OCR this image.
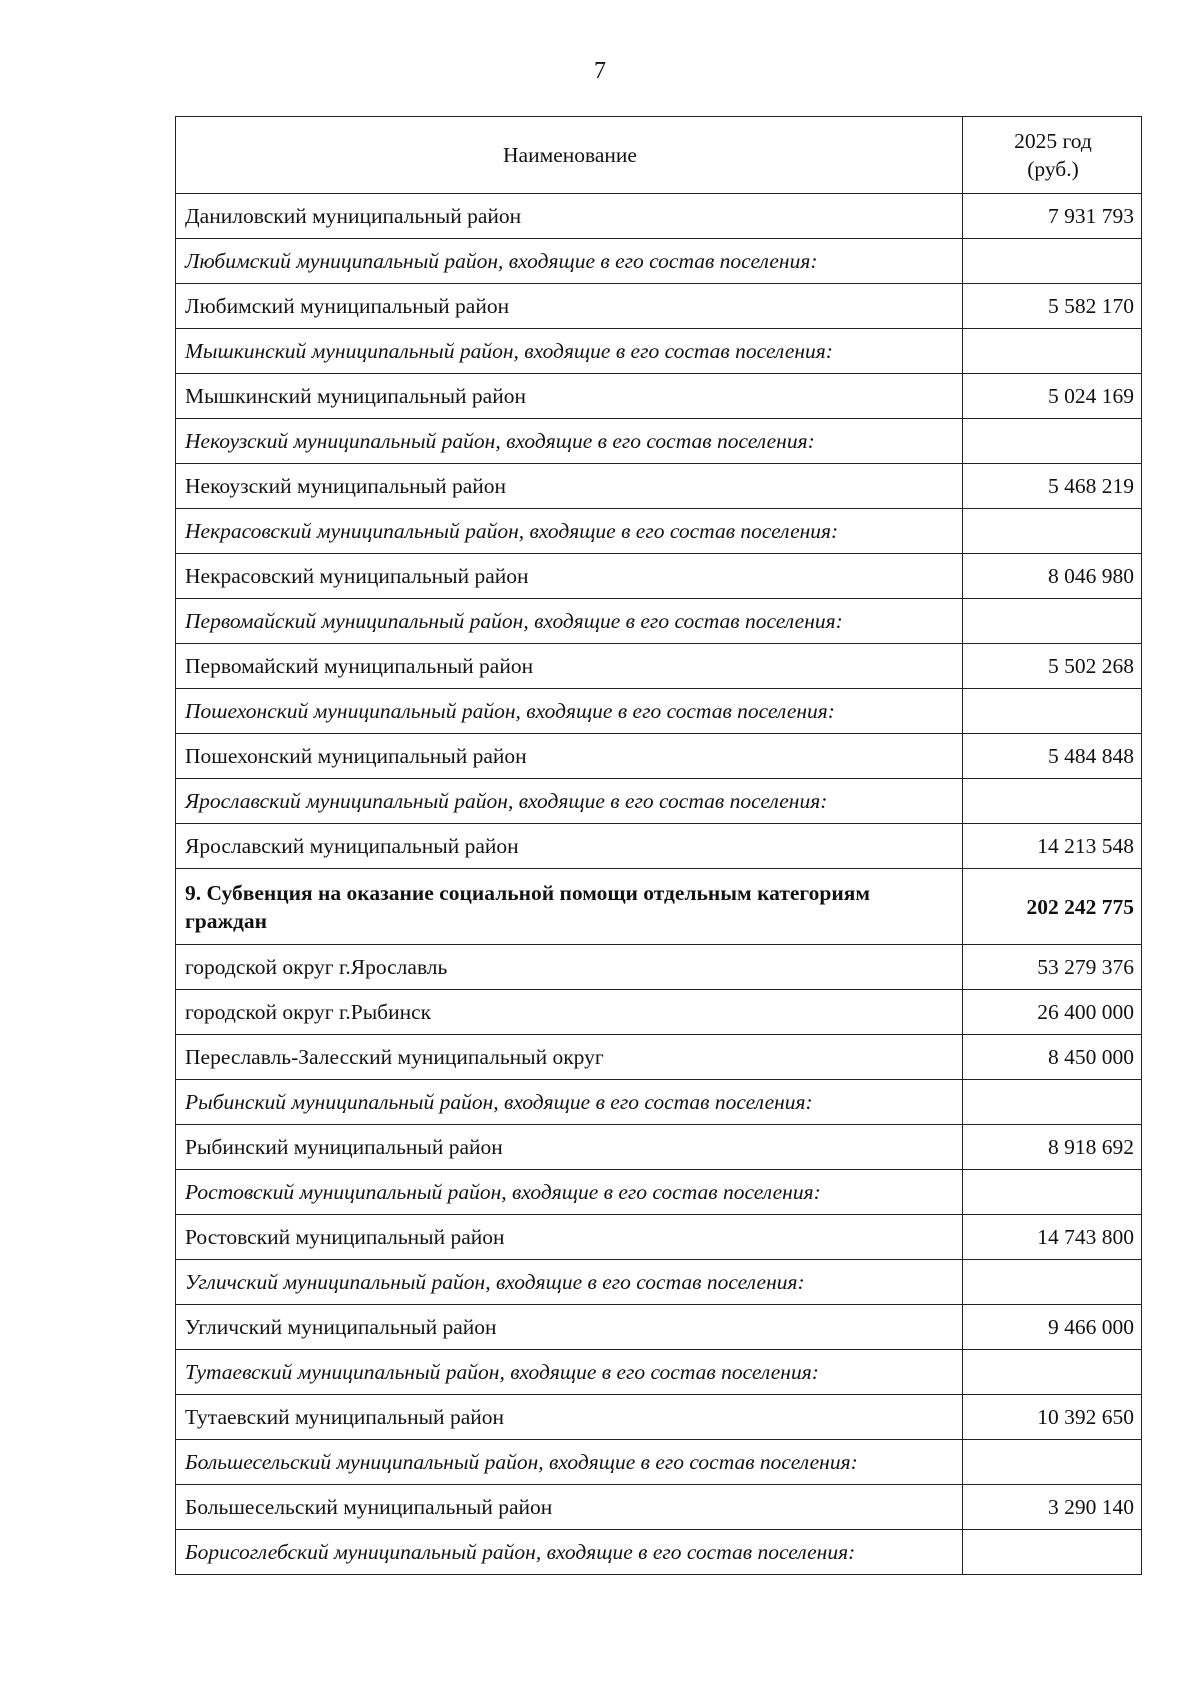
7
Наименование	2025 год
(руб.)
Даниловский муниципальный район	7 931 793
Любимский муниципальный район, входящие в его состав поселения:	
Любимский муниципальный район	5 582 170
Мышкинский муниципальный район, входящие в его состав поселения:	
Мышкинский муниципальный район	5 024 169
Некоузский муниципальный район, входящие в его состав поселения:	
Некоузский муниципальный район	5 468 219
Некрасовский муниципальный район, входящие в его состав поселения:	
Некрасовский муниципальный район	8 046 980
Первомайский муниципальный район, входящие в его состав поселения:	
Первомайский муниципальный район	5 502 268
Пошехонский муниципальный район, входящие в его состав поселения:	
Пошехонский муниципальный район	5 484 848
Ярославский муниципальный район, входящие в его состав поселения:	
Ярославский муниципальный район	14 213 548
9. Субвенция на оказание социальной помощи отдельным категориям граждан	202 242 775
городской округ г.Ярославль	53 279 376
городской округ г.Рыбинск	26 400 000
Переславль-Залесский муниципальный округ	8 450 000
Рыбинский муниципальный район, входящие в его состав поселения:	
Рыбинский муниципальный район	8 918 692
Ростовский муниципальный район, входящие в его состав поселения:	
Ростовский муниципальный район	14 743 800
Угличский муниципальный район, входящие в его состав поселения:	
Угличский муниципальный район	9 466 000
Тутаевский муниципальный район, входящие в его состав поселения:	
Тутаевский муниципальный район	10 392 650
Большесельский муниципальный район, входящие в его состав поселения:	
Большесельский муниципальный район	3 290 140
Борисоглебский муниципальный район, входящие в его состав поселения:	
